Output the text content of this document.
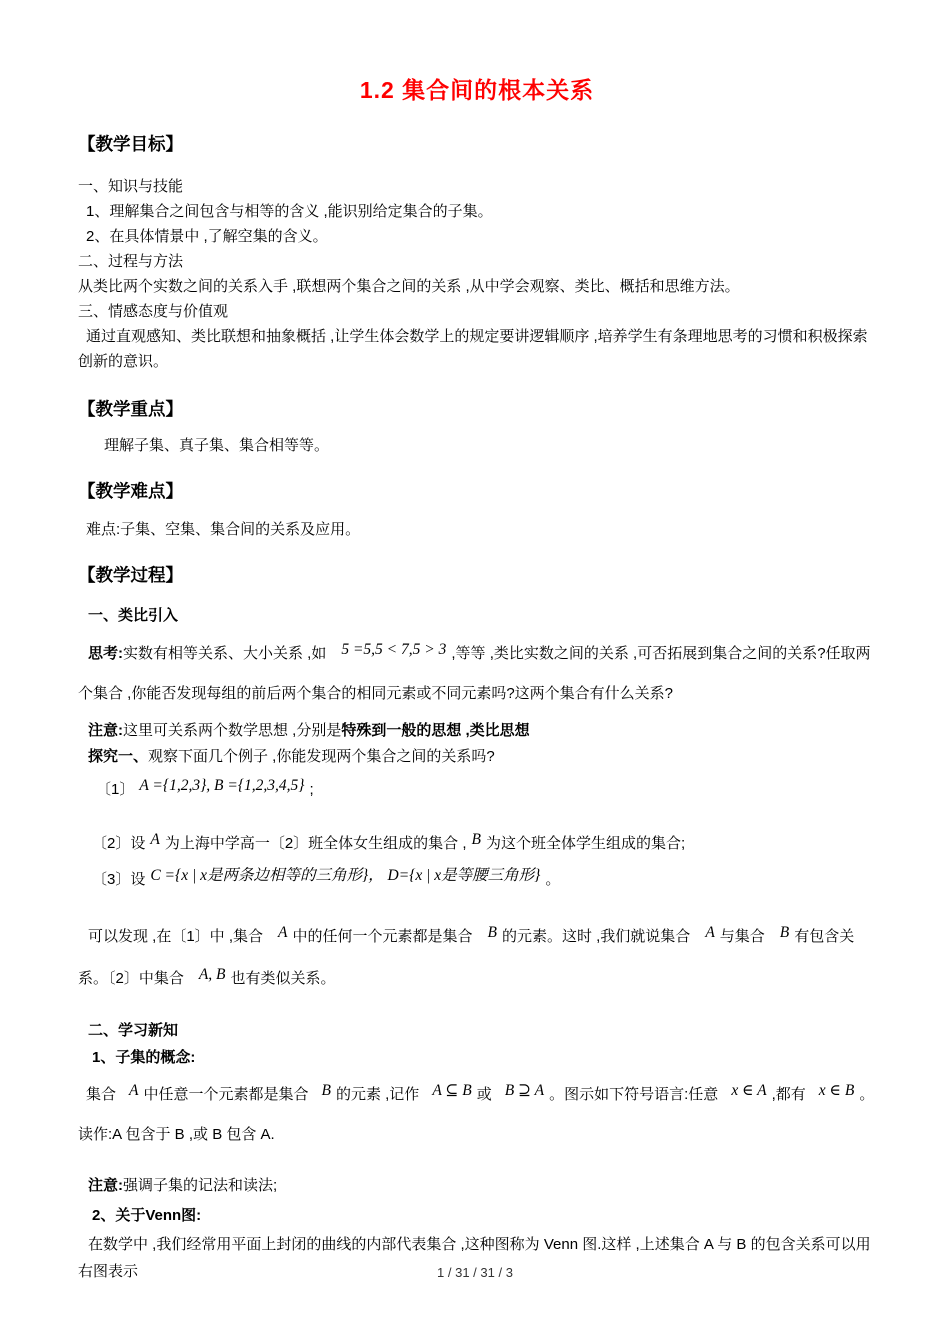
1.2 集合间的根本关系
【教学目标】
一、知识与技能
1、理解集合之间包含与相等的含义 ,能识别给定集合的子集。
2、在具体情景中 ,了解空集的含义。
二、过程与方法
从类比两个实数之间的关系入手 ,联想两个集合之间的关系 ,从中学会观察、类比、概括和思维方法。
三、情感态度与价值观
通过直观感知、类比联想和抽象概括 ,让学生体会数学上的规定要讲逻辑顺序 ,培养学生有条理地思考的习惯和积极探索创新的意识。
【教学重点】

理解子集、真子集、集合相等等。

【教学难点】

难点:子集、空集、集合间的关系及应用。

【教学过程】

一、类比引入

思考:实数有相等关系、大小关系 ,如 5 =5,5 < 7,5 > 3 ,等等 ,类比实数之间的关系 ,可否拓展到集合之间的关系?任取两个集合 ,你能否发现每组的前后两个集合的相同元素或不同元素吗?这两个集合有什么关系?

注意:这里可关系两个数学思想 ,分别是特殊到一般的思想 ,类比思想

探究一、观察下面几个例子 ,你能发现两个集合之间的关系吗?

〔1〕 A ={1,2,3}, B ={1,2,3,4,5} ;

〔2〕设 A 为上海中学高一〔2〕班全体女生组成的集合 , B 为这个班全体学生组成的集合;

〔3〕设 C ={x | x是两条边相等的三角形}， D={x | x是等腰三角形} 。

可以发现 ,在〔1〕中 ,集合 A 中的任何一个元素都是集合 B 的元素。这时 ,我们就说集合 A 与集合 B 有包含关系。〔2〕中集合 A, B 也有类似关系。

二、学习新知

1、子集的概念:

集合 A 中任意一个元素都是集合 B 的元素 ,记作 A ⊆ B 或 B ⊇ A 。图示如下符号语言:任意 x ∈ A ,都有 x ∈ B 。读作:A 包含于 B ,或 B 包含 A.

注意:强调子集的记法和读法;

2、关于Venn图:

在数学中 ,我们经常用平面上封闭的曲线的内部代表集合 ,这种图称为 Venn 图.这样 ,上述集合 A 与 B 的包含关系可以用右图表示	1 / 31 / 31 / 3
